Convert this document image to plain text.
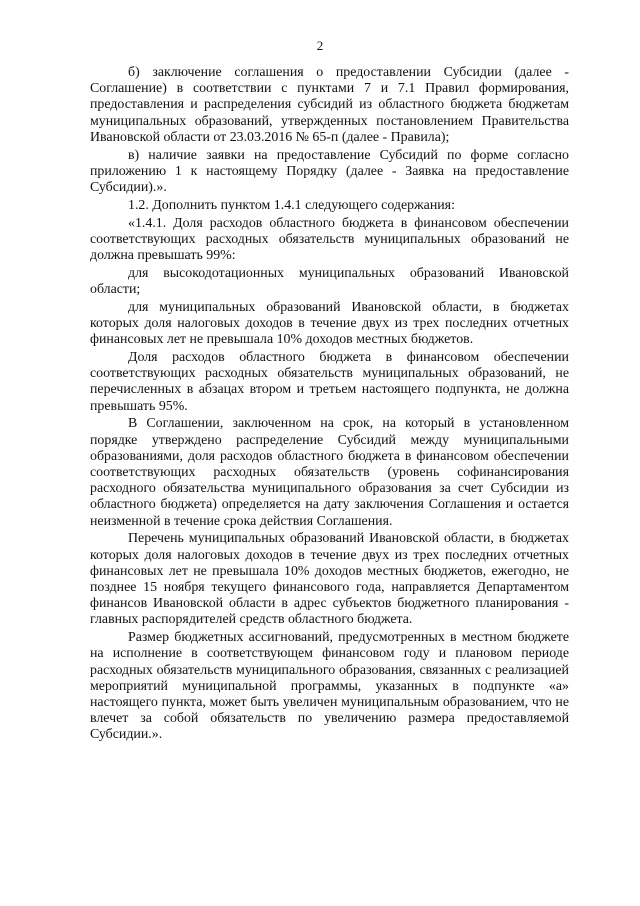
2

б) заключение соглашения о предоставлении Субсидии (далее - Соглашение) в соответствии с пунктами 7 и 7.1 Правил формирования, предоставления и распределения субсидий из областного бюджета бюджетам муниципальных образований, утвержденных постановлением Правительства Ивановской области от 23.03.2016 № 65-п (далее - Правила);

в) наличие заявки на предоставление Субсидий по форме согласно приложению 1 к настоящему Порядку (далее - Заявка на предоставление Субсидии).».

1.2. Дополнить пунктом 1.4.1 следующего содержания:

«1.4.1. Доля расходов областного бюджета в финансовом обеспечении соответствующих расходных обязательств муниципальных образований не должна превышать 99%:

для высокодотационных муниципальных образований Ивановской области;

для муниципальных образований Ивановской области, в бюджетах которых доля налоговых доходов в течение двух из трех последних отчетных финансовых лет не превышала 10% доходов местных бюджетов.

Доля расходов областного бюджета в финансовом обеспечении соответствующих расходных обязательств муниципальных образований, не перечисленных в абзацах втором и третьем настоящего подпункта, не должна превышать 95%.

В Соглашении, заключенном на срок, на который в установленном порядке утверждено распределение Субсидий между муниципальными образованиями, доля расходов областного бюджета в финансовом обеспечении соответствующих расходных обязательств (уровень софинансирования расходного обязательства муниципального образования за счет Субсидии из областного бюджета) определяется на дату заключения Соглашения и остается неизменной в течение срока действия Соглашения.

Перечень муниципальных образований Ивановской области, в бюджетах которых доля налоговых доходов в течение двух из трех последних отчетных финансовых лет не превышала 10% доходов местных бюджетов, ежегодно, не позднее 15 ноября текущего финансового года, направляется Департаментом финансов Ивановской области в адрес субъектов бюджетного планирования - главных распорядителей средств областного бюджета.

Размер бюджетных ассигнований, предусмотренных в местном бюджете на исполнение в соответствующем финансовом году и плановом периоде расходных обязательств муниципального образования, связанных с реализацией мероприятий муниципальной программы, указанных в подпункте «а» настоящего пункта, может быть увеличен муниципальным образованием, что не влечет за собой обязательств по увеличению размера предоставляемой Субсидии.».
